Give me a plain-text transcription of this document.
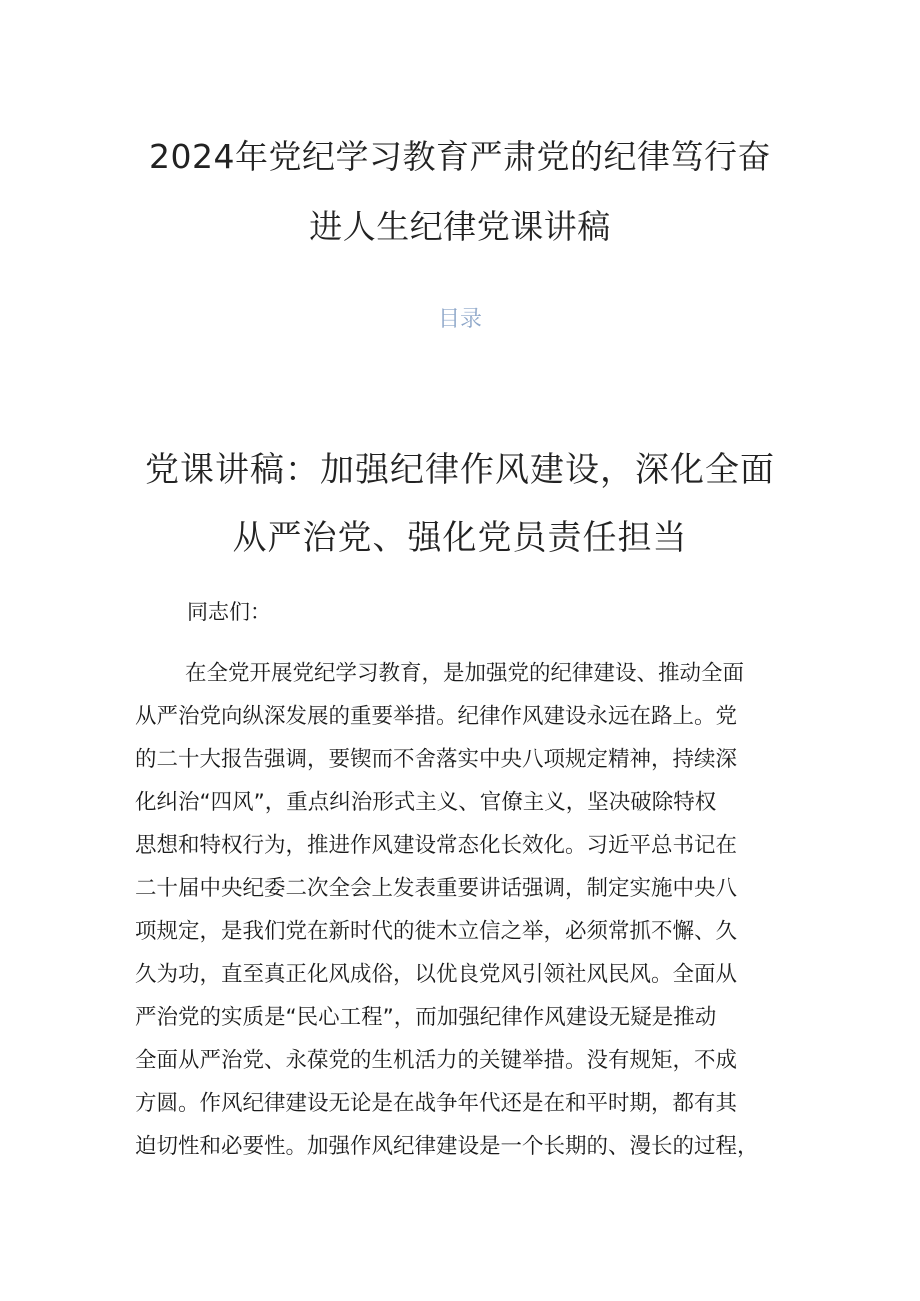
2024年党纪学习教育严肃党的纪律笃行奋
进人生纪律党课讲稿
目录
党课讲稿：加强纪律作风建设，深化全面
从严治党、强化党员责任担当
同志们：
在全党开展党纪学习教育，是加强党的纪律建设、推动全面
从严治党向纵深发展的重要举措。纪律作风建设永远在路上。党
的二十大报告强调，要锲而不舍落实中央八项规定精神，持续深
化纠治“四风”，重点纠治形式主义、官僚主义，坚决破除特权
思想和特权行为，推进作风建设常态化长效化。习近平总书记在
二十届中央纪委二次全会上发表重要讲话强调，制定实施中央八
项规定，是我们党在新时代的徙木立信之举，必须常抓不懈、久
久为功，直至真正化风成俗，以优良党风引领社风民风。全面从
严治党的实质是“民心工程”，而加强纪律作风建设无疑是推动
全面从严治党、永葆党的生机活力的关键举措。没有规矩，不成
方圆。作风纪律建设无论是在战争年代还是在和平时期，都有其
迫切性和必要性。加强作风纪律建设是一个长期的、漫长的过程，
